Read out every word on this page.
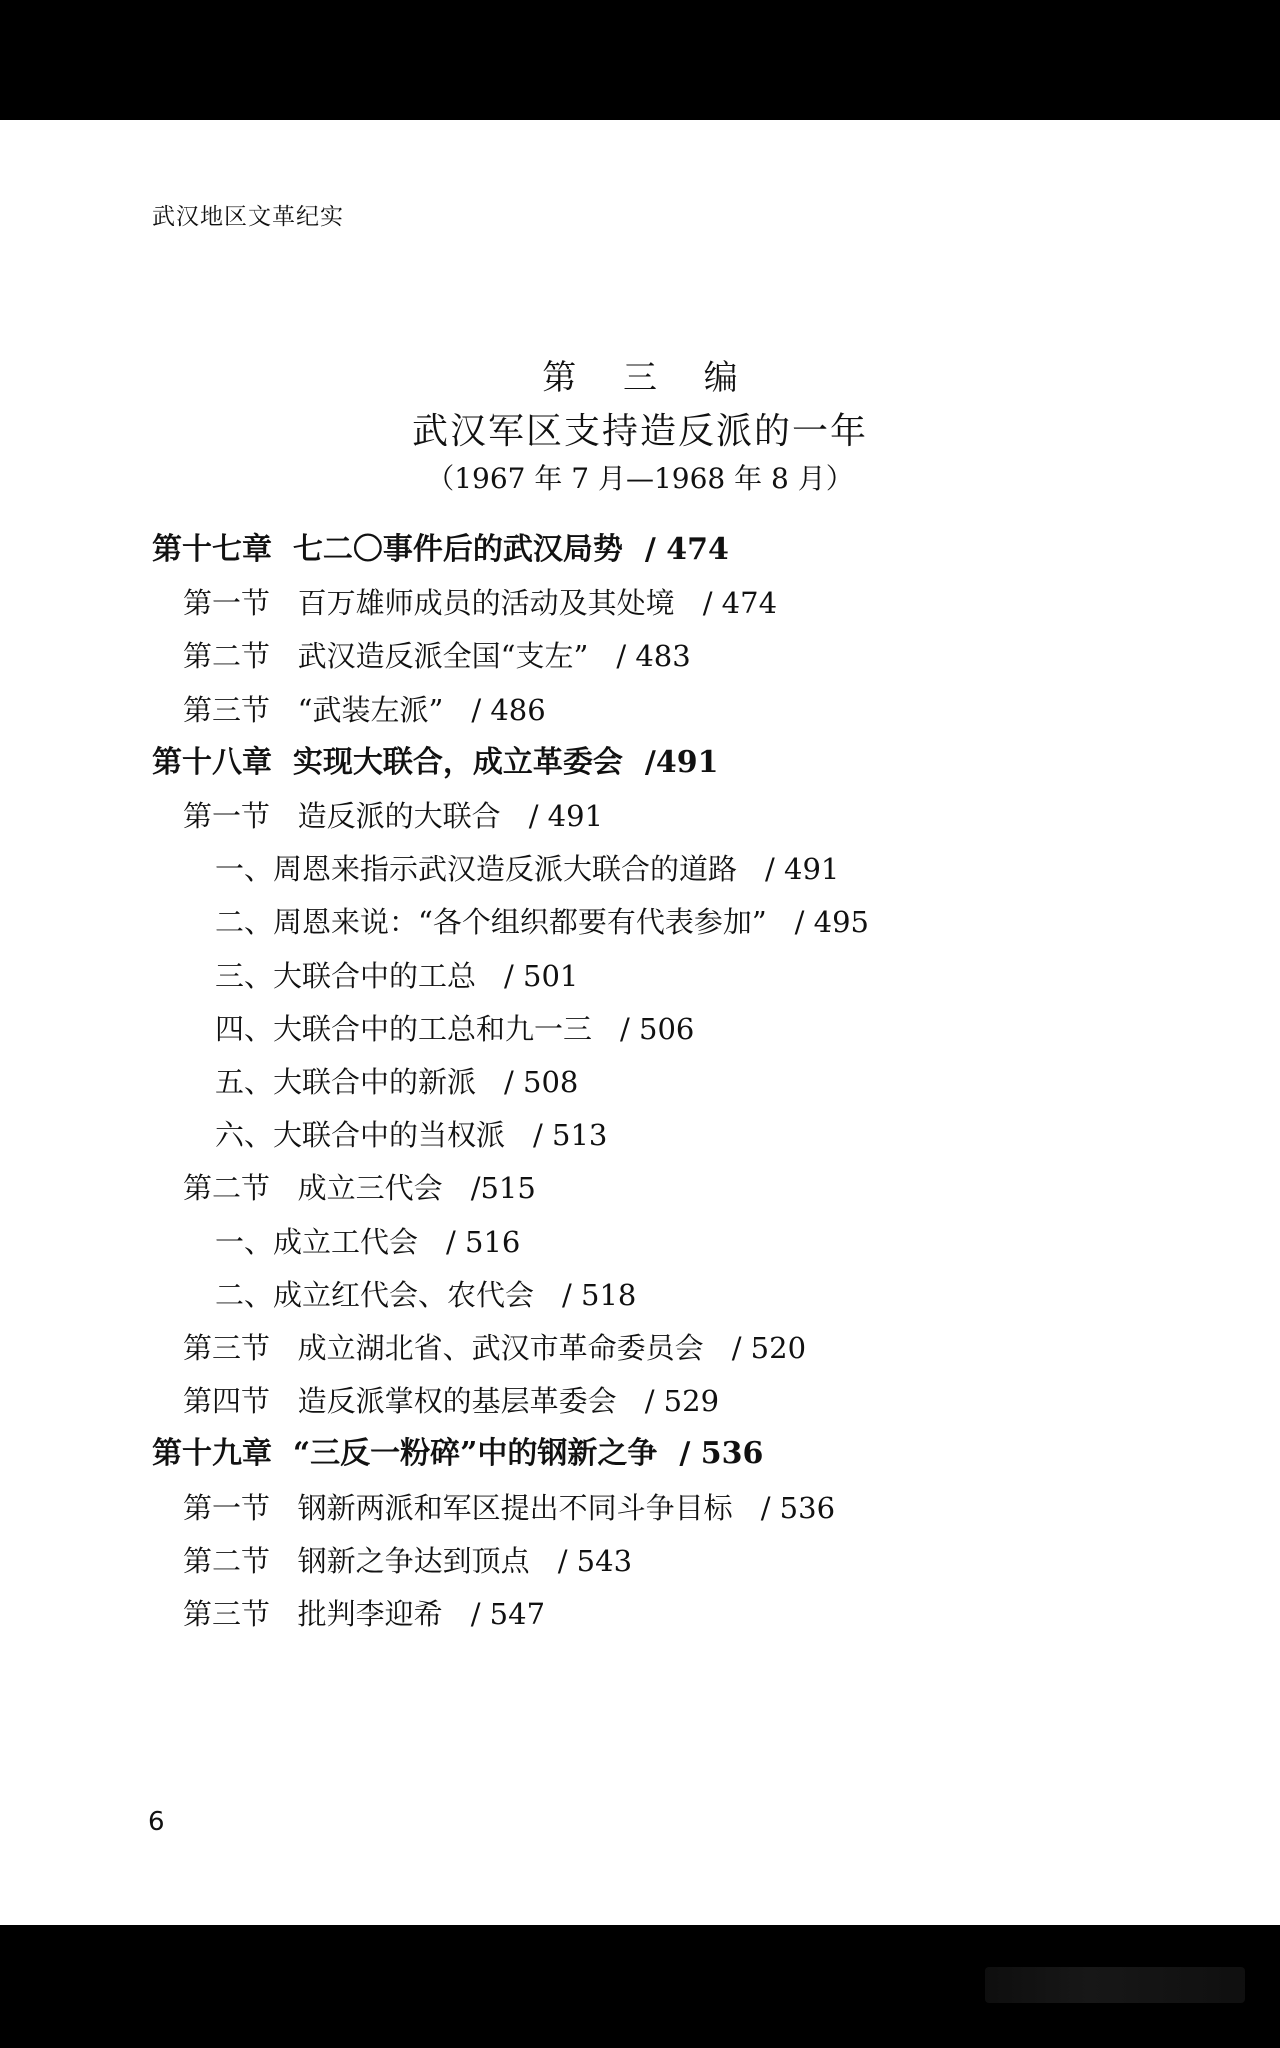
武汉地区文革纪实
第 三 编
武汉军区支持造反派的一年
（1967 年 7 月—1968 年 8 月）
第十七章 七二〇事件后的武汉局势 / 474
第一节 百万雄师成员的活动及其处境 / 474
第二节 武汉造反派全国“支左” / 483
第三节 “武装左派” / 486
第十八章 实现大联合，成立革委会 /491
第一节 造反派的大联合 / 491
一、周恩来指示武汉造反派大联合的道路 / 491
二、周恩来说：“各个组织都要有代表参加” / 495
三、大联合中的工总 / 501
四、大联合中的工总和九一三 / 506
五、大联合中的新派 / 508
六、大联合中的当权派 / 513
第二节 成立三代会 /515
一、成立工代会 / 516
二、成立红代会、农代会 / 518
第三节 成立湖北省、武汉市革命委员会 / 520
第四节 造反派掌权的基层革委会 / 529
第十九章 “三反一粉碎”中的钢新之争 / 536
第一节 钢新两派和军区提出不同斗争目标 / 536
第二节 钢新之争达到顶点 / 543
第三节 批判李迎希 / 547
6
